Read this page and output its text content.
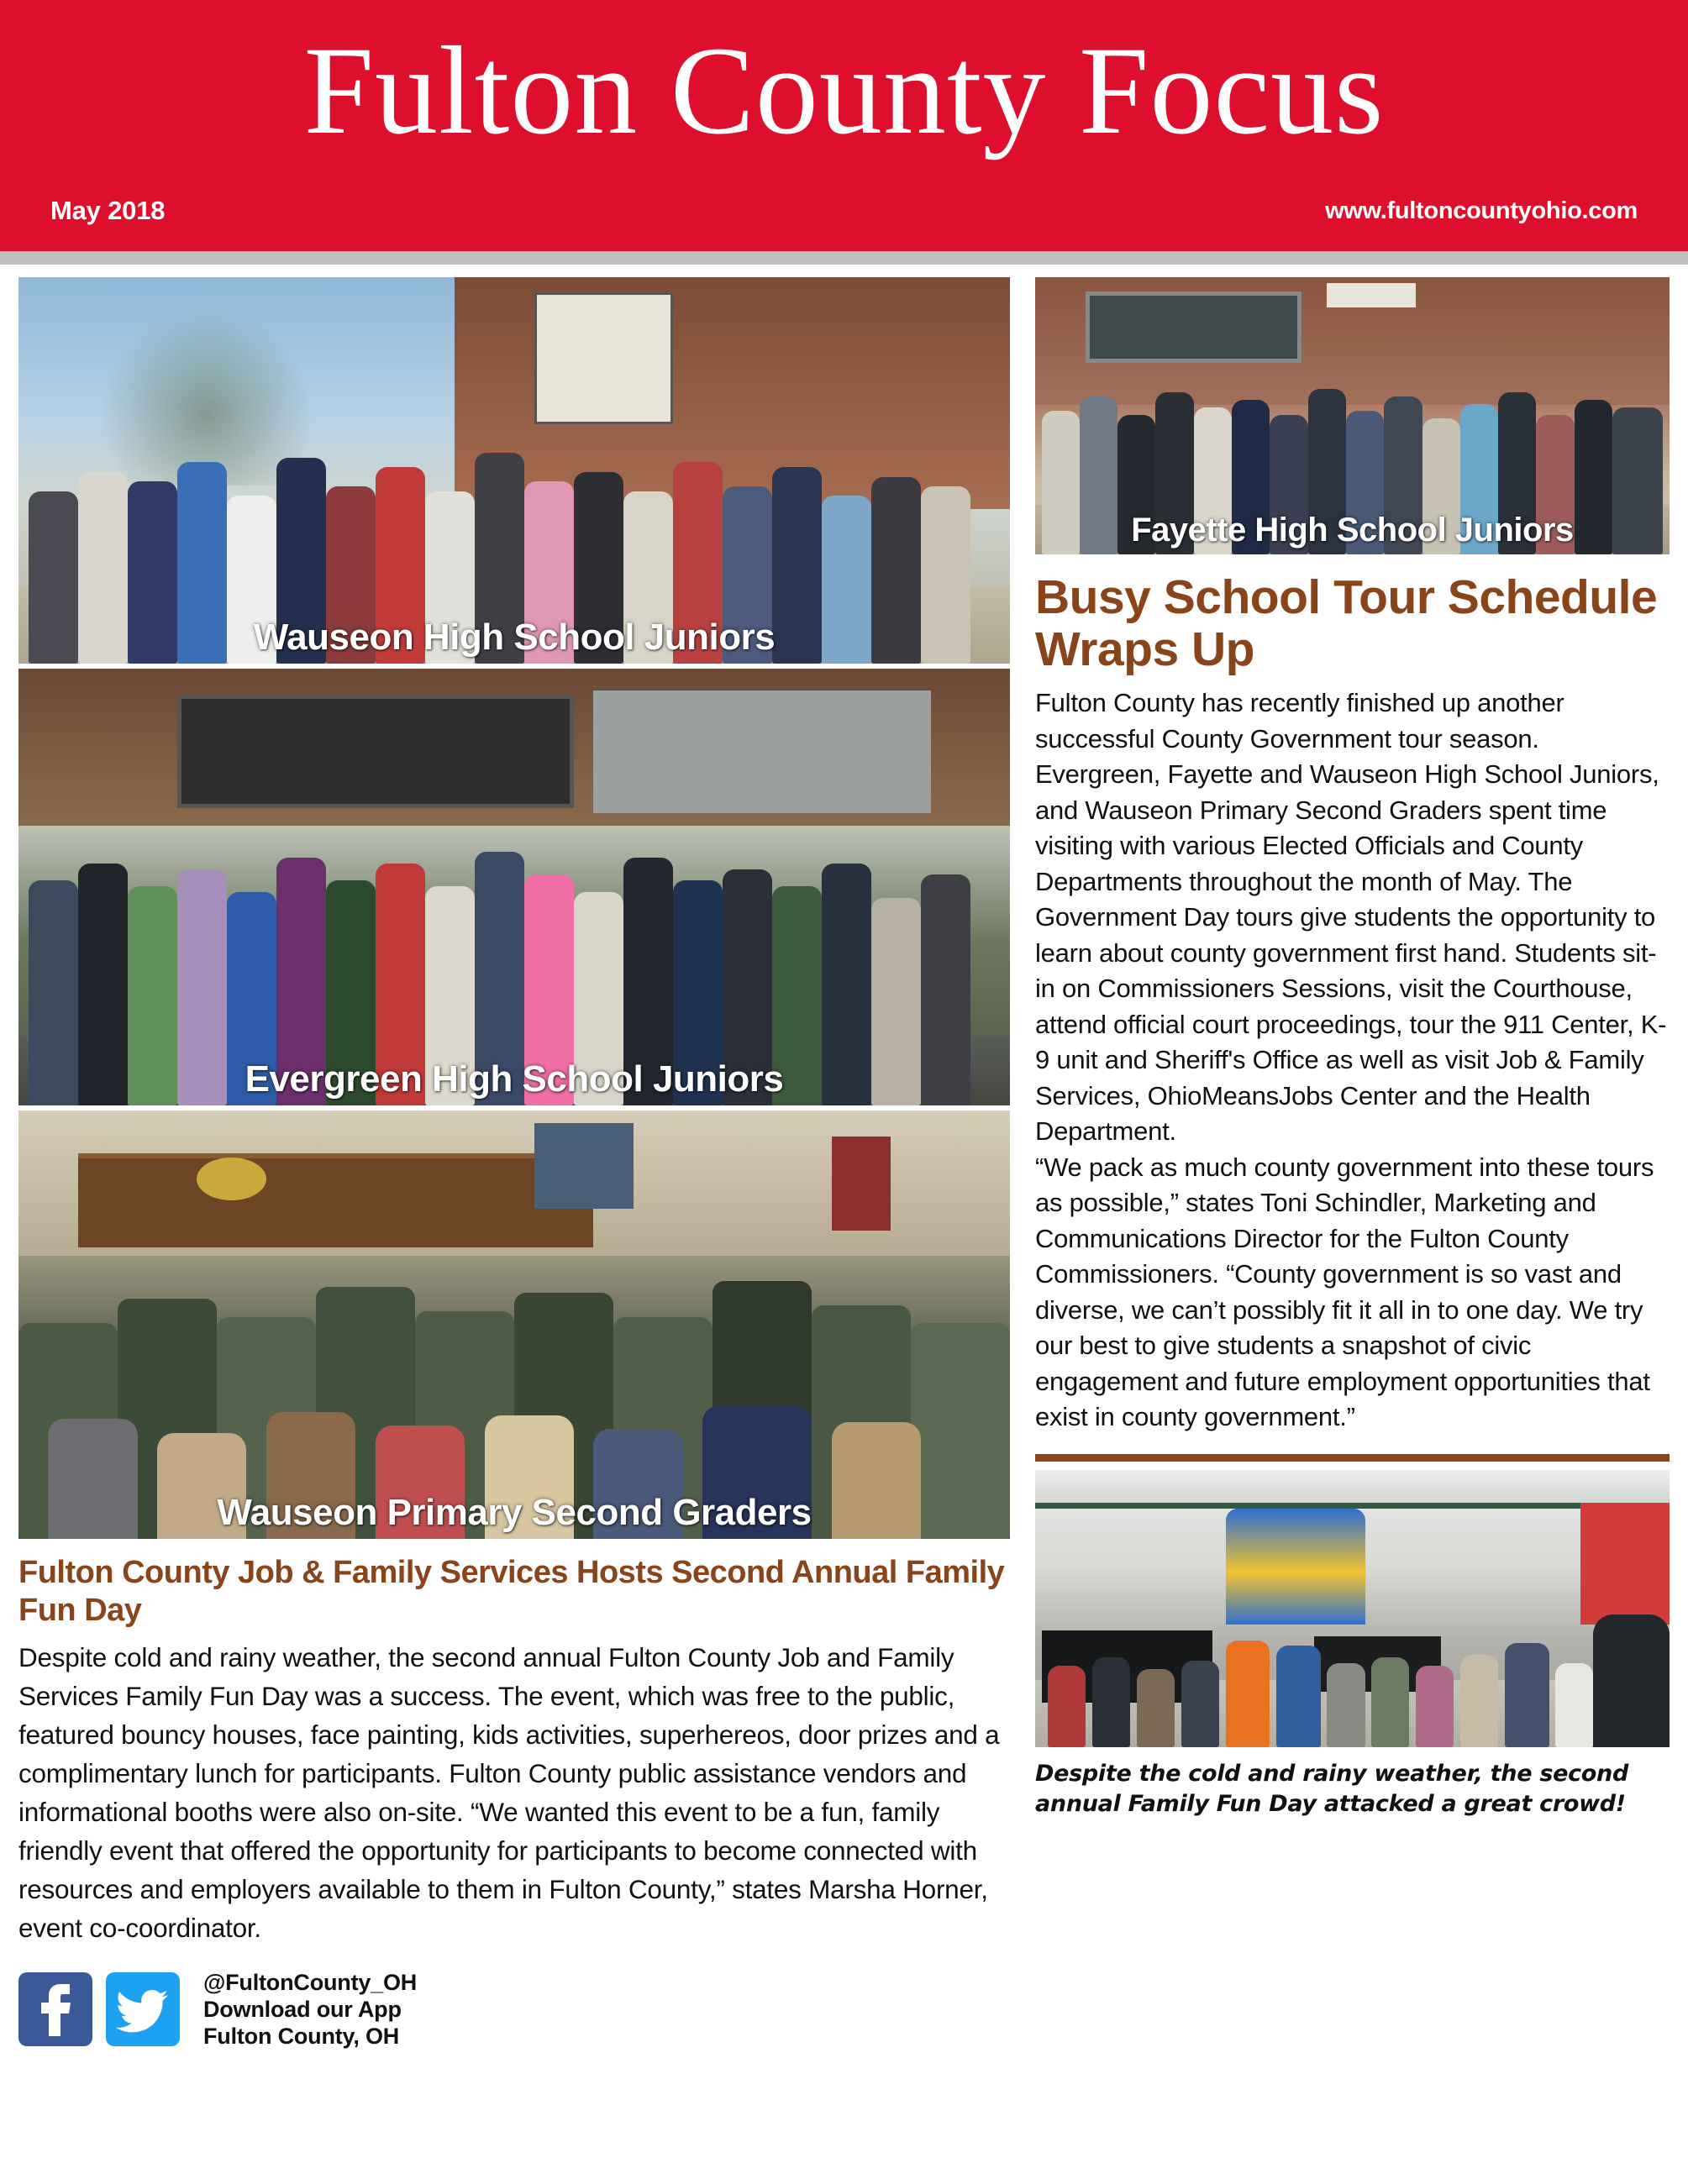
Fulton County Focus
May 2018	www.fultoncountyohio.com
Wauseon High School Juniors
Evergreen High School Juniors
Wauseon Primary Second Graders
Fulton County Job & Family Services Hosts Second Annual Family Fun Day

Despite cold and rainy weather, the second annual Fulton County Job and Family Services Family Fun Day was a success. The event, which was free to the public, featured bouncy houses, face painting, kids activities, superhereos, door prizes and a complimentary lunch for participants. Fulton County public assistance vendors and informational booths were also on-site. “We wanted this event to be a fun, family friendly event that offered the opportunity for participants to become connected with resources and employers available to them in Fulton County,” states Marsha Horner, event co-coordinator.

@FultonCounty_OH
Download our App
Fulton County, OH
Fayette High School Juniors
Busy School Tour Schedule Wraps Up

Fulton County has recently finished up another successful County Government tour season. Evergreen, Fayette and Wauseon High School Juniors, and Wauseon Primary Second Graders spent time visiting with various Elected Officials and County Departments throughout the month of May. The Government Day tours give students the opportunity to learn about county government first hand. Students sit-in on Commissioners Sessions, visit the Courthouse, attend official court proceedings, tour the 911 Center, K-9 unit and Sheriff's Office as well as visit Job & Family Services, OhioMeansJobs Center and the Health Department.

“We pack as much county government into these tours as possible,” states Toni Schindler, Marketing and Communications Director for the Fulton County Commissioners. “County government is so vast and diverse, we can’t possibly fit it all in to one day. We try our best to give students a snapshot of civic engagement and future employment opportunities that exist in county government.”

Despite the cold and rainy weather, the second annual Family Fun Day attacked a great crowd!
